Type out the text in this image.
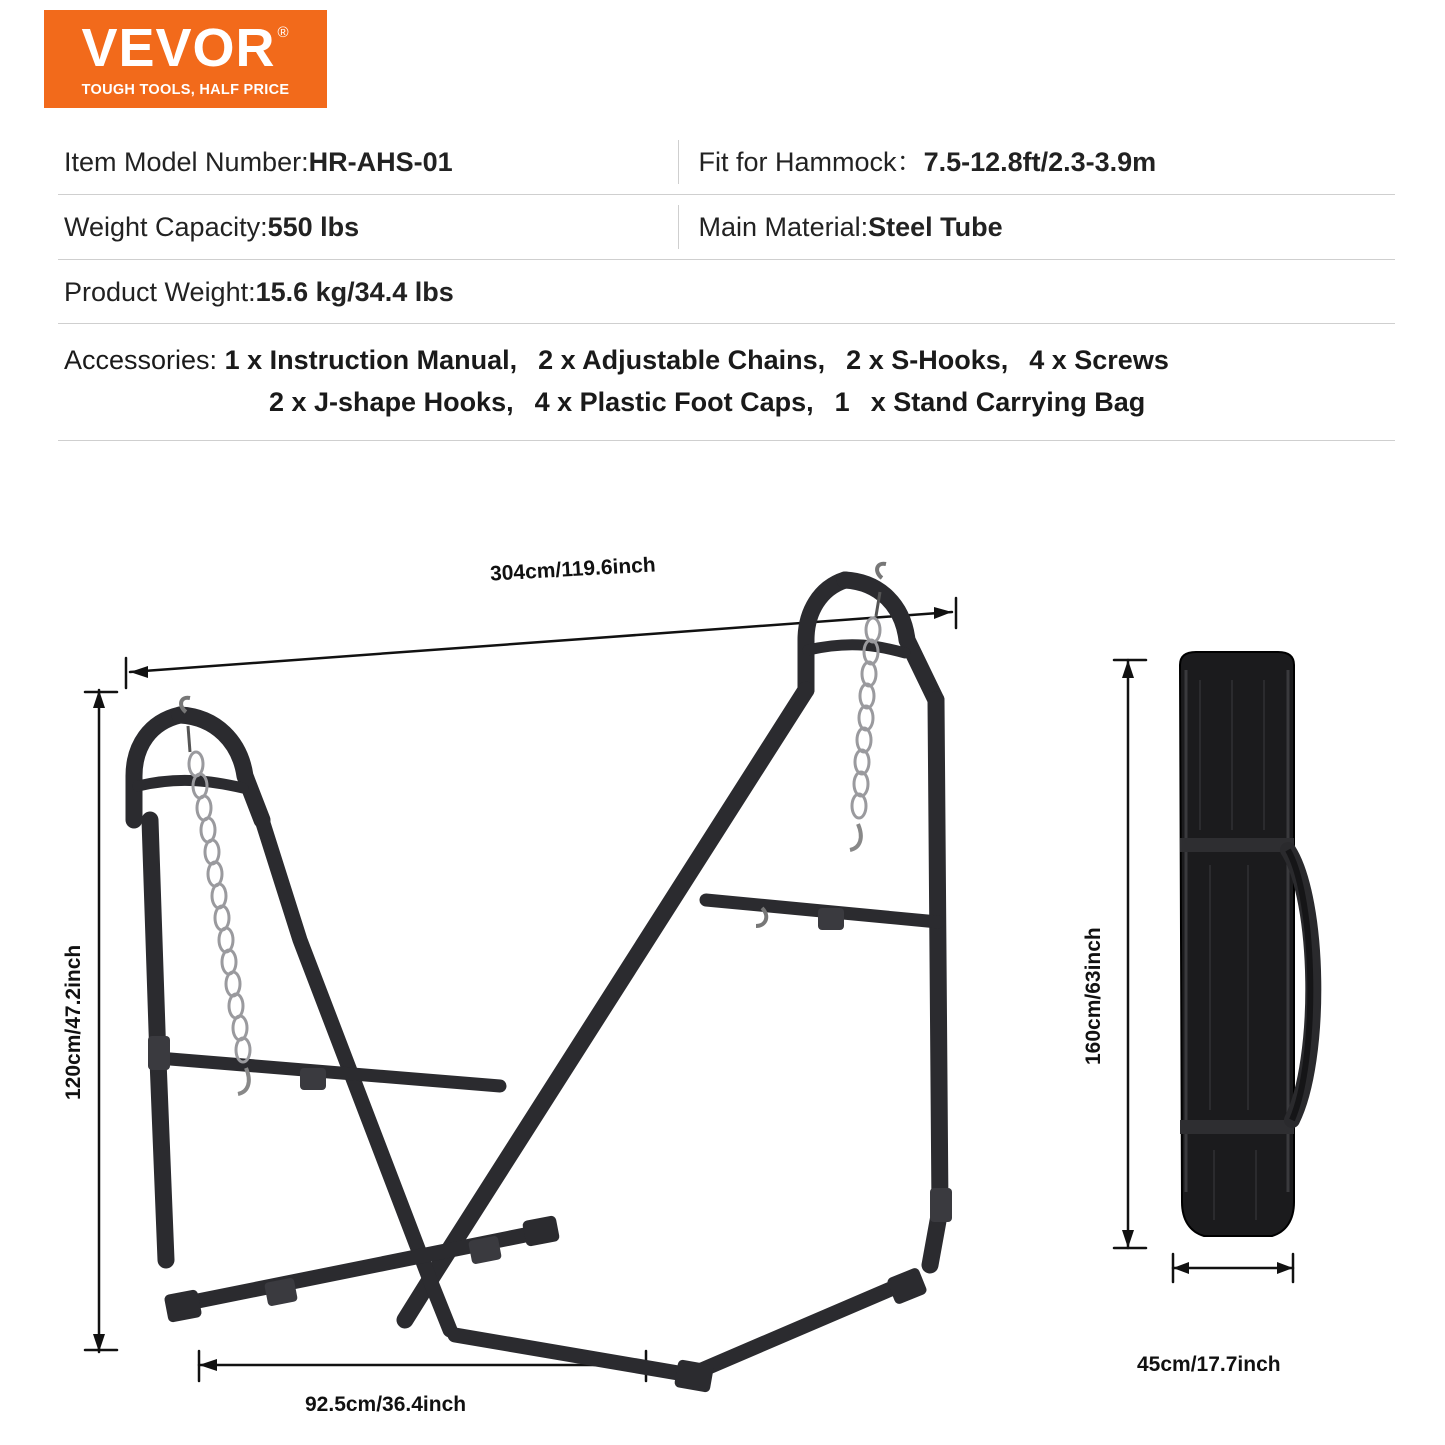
VEVOR ®
TOUGH TOOLS, HALF PRICE
Item Model Number: HR-AHS-01	Fit for Hammock： 7.5-12.8ft/2.3-3.9m
Weight Capacity: 550 lbs	Main Material: Steel Tube
Product Weight: 15.6 kg/34.4 lbs
Accessories: 1 x Instruction Manual,  2 x Adjustable Chains,  2 x S-Hooks,  4 x Screws
2 x J-shape Hooks,  4 x Plastic Foot Caps,  1  x Stand Carrying Bag
304cm/119.6inch
120cm/47.2inch
92.5cm/36.4inch
160cm/63inch
45cm/17.7inch
